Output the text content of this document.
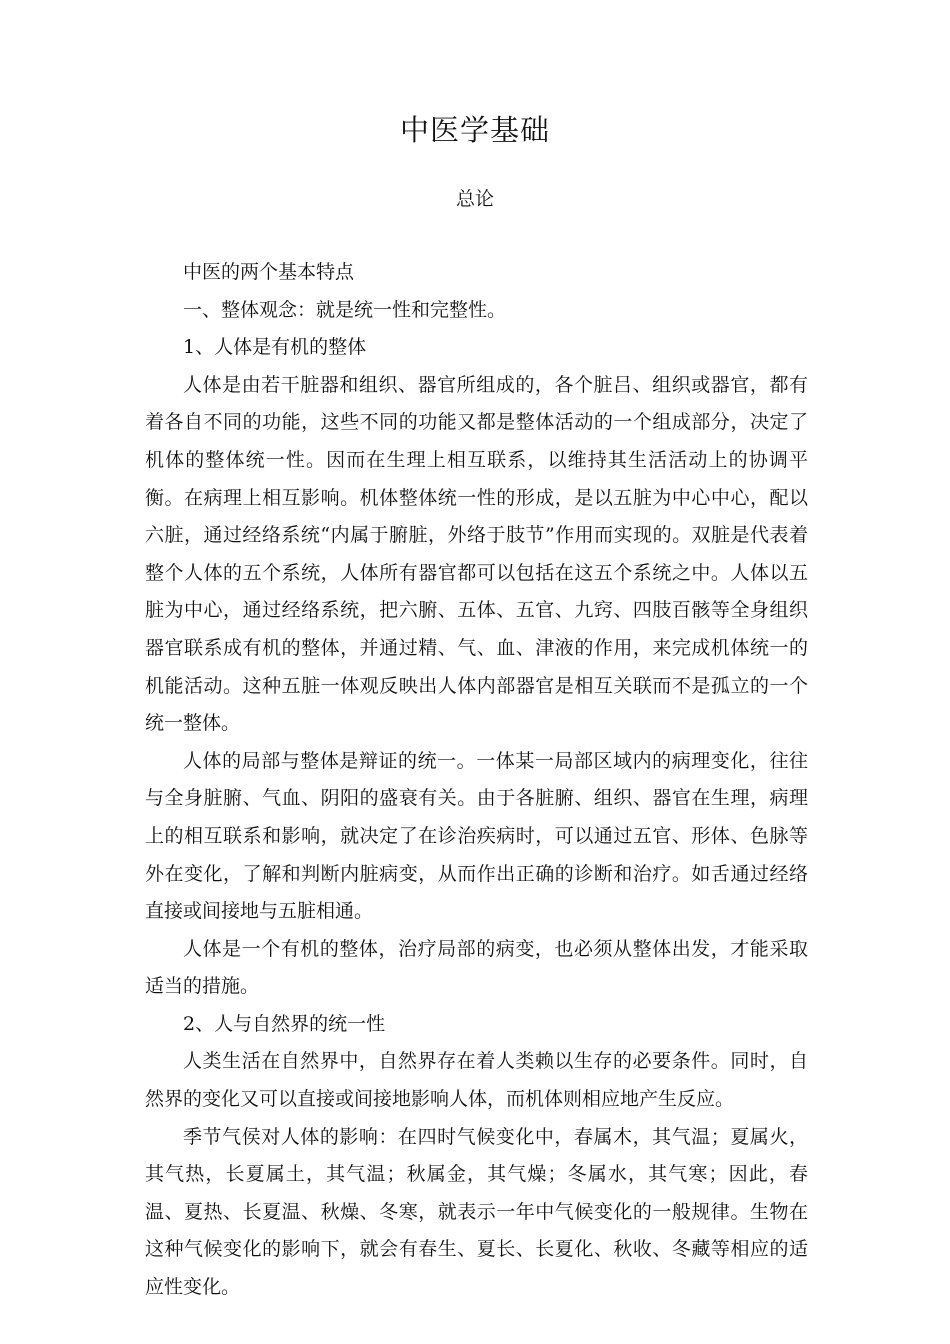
中医学基础
总论

中医的两个基本特点

一、整体观念：就是统一性和完整性。

1、人体是有机的整体

人体是由若干脏器和组织、器官所组成的，各个脏吕、组织或器官，都有着各自不同的功能，这些不同的功能又都是整体活动的一个组成部分，决定了机体的整体统一性。因而在生理上相互联系，以维持其生活活动上的协调平衡。在病理上相互影响。机体整体统一性的形成，是以五脏为中心中心，配以六脏，通过经络系统“内属于腑脏，外络于肢节”作用而实现的。双脏是代表着整个人体的五个系统，人体所有器官都可以包括在这五个系统之中。人体以五脏为中心，通过经络系统，把六腑、五体、五官、九窍、四肢百骸等全身组织器官联系成有机的整体，并通过精、气、血、津液的作用，来完成机体统一的机能活动。这种五脏一体观反映出人体内部器官是相互关联而不是孤立的一个统一整体。

人体的局部与整体是辩证的统一。一体某一局部区域内的病理变化，往往与全身脏腑、气血、阴阳的盛衰有关。由于各脏腑、组织、器官在生理，病理上的相互联系和影响，就决定了在诊治疾病时，可以通过五官、形体、色脉等外在变化，了解和判断内脏病变，从而作出正确的诊断和治疗。如舌通过经络直接或间接地与五脏相通。

人体是一个有机的整体，治疗局部的病变，也必须从整体出发，才能采取适当的措施。

2、人与自然界的统一性

人类生活在自然界中，自然界存在着人类赖以生存的必要条件。同时，自然界的变化又可以直接或间接地影响人体，而机体则相应地产生反应。

季节气侯对人体的影响：在四时气候变化中，春属木，其气温；夏属火，其气热，长夏属土，其气温；秋属金，其气燥；冬属水，其气寒；因此，春温、夏热、长夏温、秋燥、冬寒，就表示一年中气候变化的一般规律。生物在这种气候变化的影响下，就会有春生、夏长、长夏化、秋收、冬藏等相应的适应性变化。
